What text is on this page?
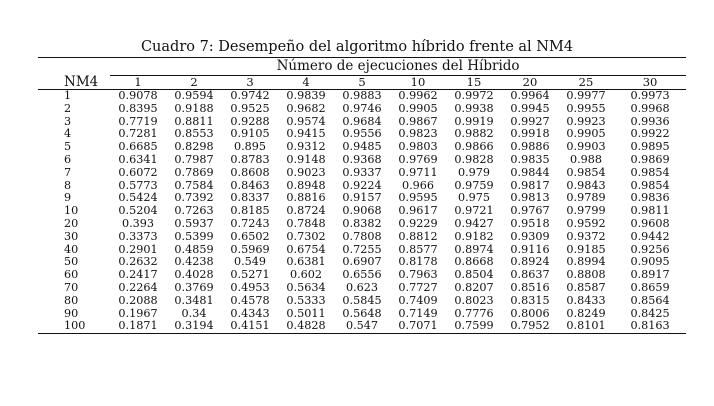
Cuadro 7: Desempeño del algoritmo híbrido frente al NM4
	Número de ejecuciones del Híbrido									
NM4	1	2	3	4	5	10	15	20	25	30
1	0.9078	0.9594	0.9742	0.9839	0.9883	0.9962	0.9972	0.9964	0.9977	0.9973
2	0.8395	0.9188	0.9525	0.9682	0.9746	0.9905	0.9938	0.9945	0.9955	0.9968
3	0.7719	0.8811	0.9288	0.9574	0.9684	0.9867	0.9919	0.9927	0.9923	0.9936
4	0.7281	0.8553	0.9105	0.9415	0.9556	0.9823	0.9882	0.9918	0.9905	0.9922
5	0.6685	0.8298	0.895	0.9312	0.9485	0.9803	0.9866	0.9886	0.9903	0.9895
6	0.6341	0.7987	0.8783	0.9148	0.9368	0.9769	0.9828	0.9835	0.988	0.9869
7	0.6072	0.7869	0.8608	0.9023	0.9337	0.9711	0.979	0.9844	0.9854	0.9854
8	0.5773	0.7584	0.8463	0.8948	0.9224	0.966	0.9759	0.9817	0.9843	0.9854
9	0.5424	0.7392	0.8337	0.8816	0.9157	0.9595	0.975	0.9813	0.9789	0.9836
10	0.5204	0.7263	0.8185	0.8724	0.9068	0.9617	0.9721	0.9767	0.9799	0.9811
20	0.393	0.5937	0.7243	0.7848	0.8382	0.9229	0.9427	0.9518	0.9592	0.9608
30	0.3373	0.5399	0.6502	0.7302	0.7808	0.8812	0.9182	0.9309	0.9372	0.9442
40	0.2901	0.4859	0.5969	0.6754	0.7255	0.8577	0.8974	0.9116	0.9185	0.9256
50	0.2632	0.4238	0.549	0.6381	0.6907	0.8178	0.8668	0.8924	0.8994	0.9095
60	0.2417	0.4028	0.5271	0.602	0.6556	0.7963	0.8504	0.8637	0.8808	0.8917
70	0.2264	0.3769	0.4953	0.5634	0.623	0.7727	0.8207	0.8516	0.8587	0.8659
80	0.2088	0.3481	0.4578	0.5333	0.5845	0.7409	0.8023	0.8315	0.8433	0.8564
90	0.1967	0.34	0.4343	0.5011	0.5648	0.7149	0.7776	0.8006	0.8249	0.8425
100	0.1871	0.3194	0.4151	0.4828	0.547	0.7071	0.7599	0.7952	0.8101	0.8163
